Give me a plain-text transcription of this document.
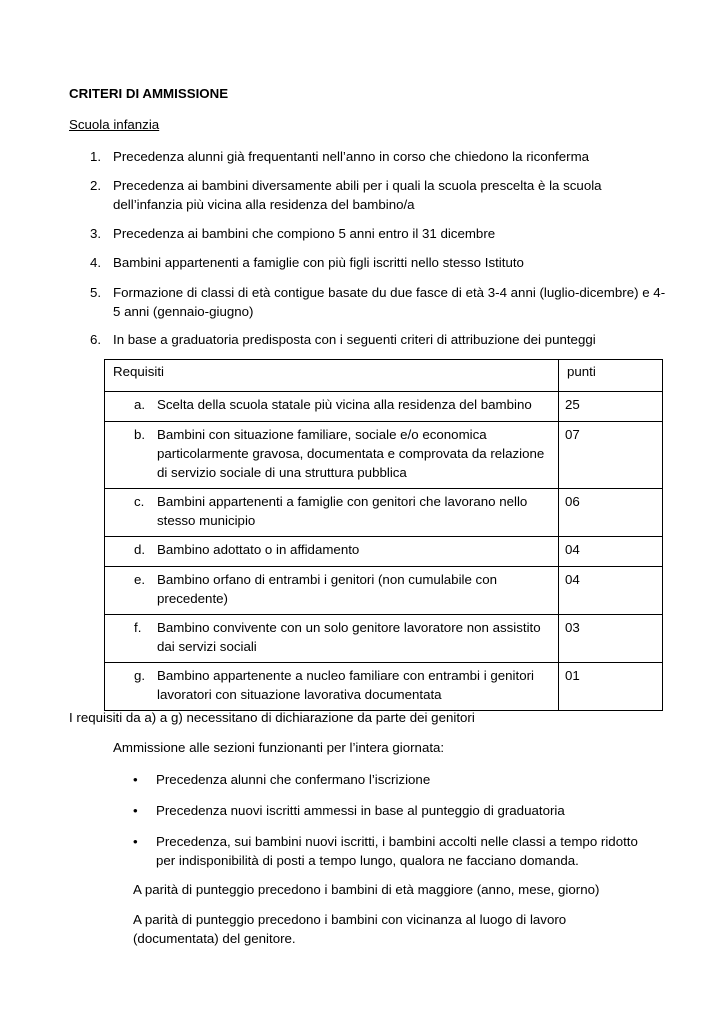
CRITERI DI AMMISSIONE
Scuola infanzia
1. Precedenza alunni già frequentanti nell’anno in corso che chiedono la riconferma
2. Precedenza ai bambini diversamente abili per i quali la scuola prescelta è la scuola dell’infanzia più vicina alla residenza del bambino/a
3. Precedenza ai bambini che compiono 5 anni entro il 31 dicembre
4. Bambini appartenenti a famiglie con più figli iscritti nello stesso Istituto
5. Formazione di classi di età contigue basate du due fasce di età 3-4 anni (luglio-dicembre) e 4-5 anni (gennaio-giugno)
6. In base a graduatoria predisposta con i seguenti criteri di attribuzione dei punteggi
Requisiti	punti

a. Scelta della scuola statale più vicina alla residenza del bambino	25

b. Bambini con situazione familiare, sociale e/o economica particolarmente gravosa, documentata e comprovata da relazione di servizio sociale di una struttura pubblica	07

c. Bambini appartenenti a famiglie con genitori che lavorano nello stesso municipio	06

d. Bambino adottato o in affidamento	04

e. Bambino orfano di entrambi i genitori (non cumulabile con precedente)	04

f. Bambino convivente con un solo genitore lavoratore non assistito dai servizi sociali	03

g. Bambino appartenente a nucleo familiare con entrambi i genitori lavoratori con situazione lavorativa documentata	01
I requisiti da a) a g) necessitano di dichiarazione da parte dei genitori
Ammissione alle sezioni funzionanti per l’intera giornata:
• Precedenza alunni che confermano l’iscrizione
• Precedenza nuovi iscritti ammessi in base al punteggio di graduatoria
• Precedenza, sui bambini nuovi iscritti, i bambini accolti nelle classi a tempo ridotto per indisponibilità di posti a tempo lungo, qualora ne facciano domanda.
A parità di punteggio precedono i bambini di età maggiore (anno, mese, giorno)
A parità di punteggio precedono i bambini con vicinanza al luogo di lavoro (documentata) del genitore.
